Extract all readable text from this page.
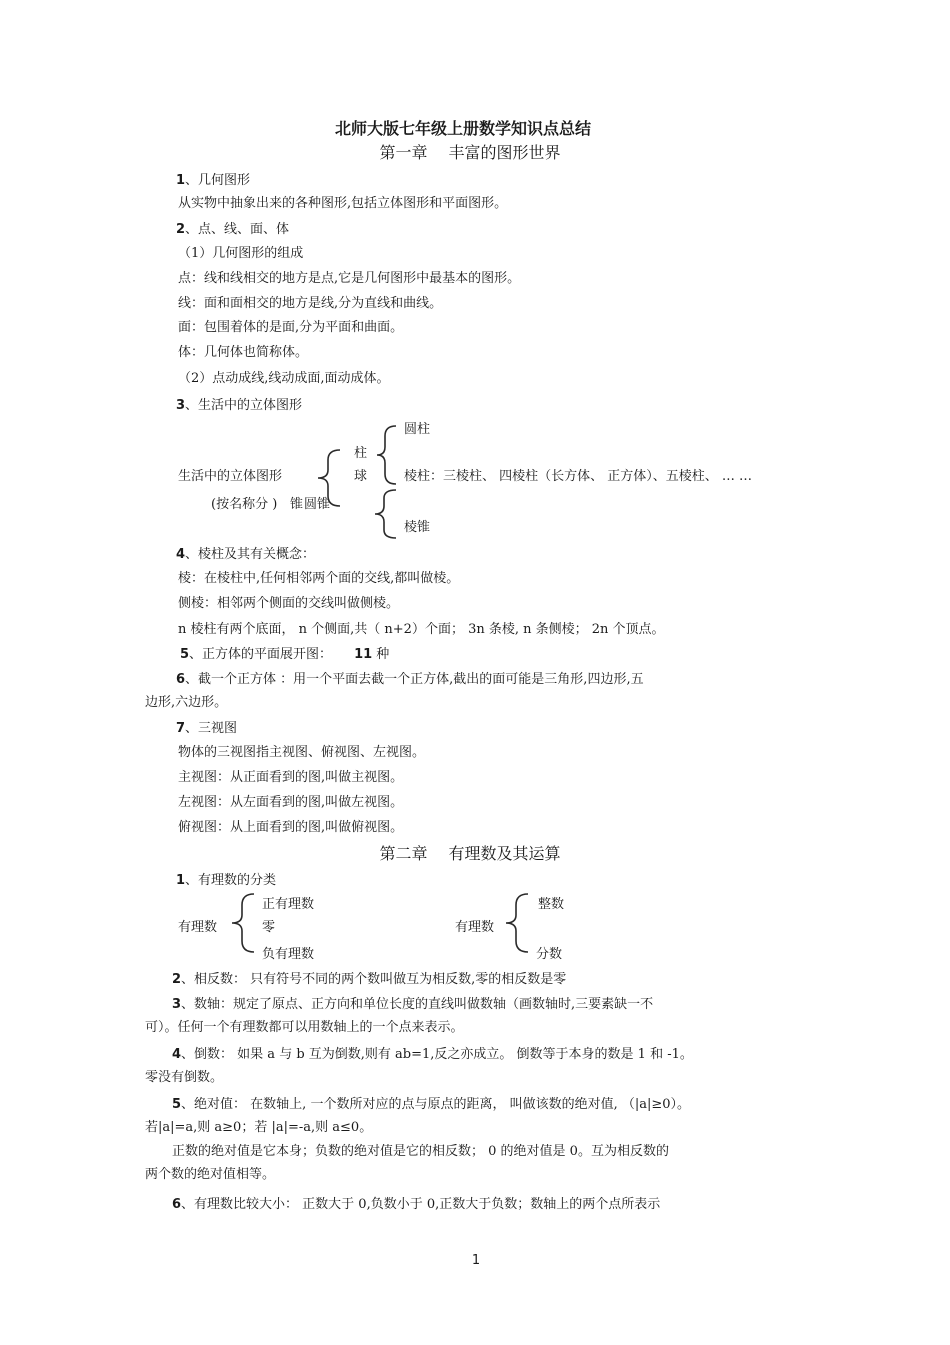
北师大版七年级上册数学知识点总结
第一章　 丰富的图形世界
1、几何图形
从实物中抽象出来的各种图形,包括立体图形和平面图形。
2、点、线、面、体
（1）几何图形的组成
点：线和线相交的地方是点,它是几何图形中最基本的图形。
线：面和面相交的地方是线,分为直线和曲线。
面：包围着体的是面,分为平面和曲面。
体：几何体也简称体。
（2）点动成线,线动成面,面动成体。
3、生活中的立体图形
生活中的立体图形
(按名称分 ) 锥 圆锥
柱
球
圆柱
棱柱：三棱柱、 四棱柱（长方体、 正方体）、五棱柱、 … …
棱锥
4、棱柱及其有关概念：
棱：在棱柱中,任何相邻两个面的交线,都叫做棱。
侧棱：相邻两个侧面的交线叫做侧棱。
n 棱柱有两个底面， n 个侧面,共（ n+2）个面； 3n 条棱, n 条侧棱； 2n 个顶点。
5、正方体的平面展开图： 11 种
6、截一个正方体 ：用一个平面去截一个正方体,截出的面可能是三角形,四边形,五
边形,六边形。
7、三视图
物体的三视图指主视图、俯视图、左视图。
主视图：从正面看到的图,叫做主视图。
左视图：从左面看到的图,叫做左视图。
俯视图：从上面看到的图,叫做俯视图。
第二章　 有理数及其运算
1、有理数的分类
有理数
正有理数
零
负有理数
有理数
整数
分数
2、相反数： 只有符号不同的两个数叫做互为相反数,零的相反数是零
3、数轴：规定了原点、正方向和单位长度的直线叫做数轴（画数轴时,三要素缺一不
可）。任何一个有理数都可以用数轴上的一个点来表示。
4、倒数： 如果 a 与 b 互为倒数,则有 ab=1,反之亦成立。 倒数等于本身的数是 1 和 -1。
零没有倒数。
5、绝对值： 在数轴上, 一个数所对应的点与原点的距离， 叫做该数的绝对值, （|a|≥0）。
若|a|=a,则 a≥0；若 |a|=-a,则 a≤0。
正数的绝对值是它本身；负数的绝对值是它的相反数； 0 的绝对值是 0。互为相反数的
两个数的绝对值相等。
6、有理数比较大小： 正数大于 0,负数小于 0,正数大于负数；数轴上的两个点所表示
1
